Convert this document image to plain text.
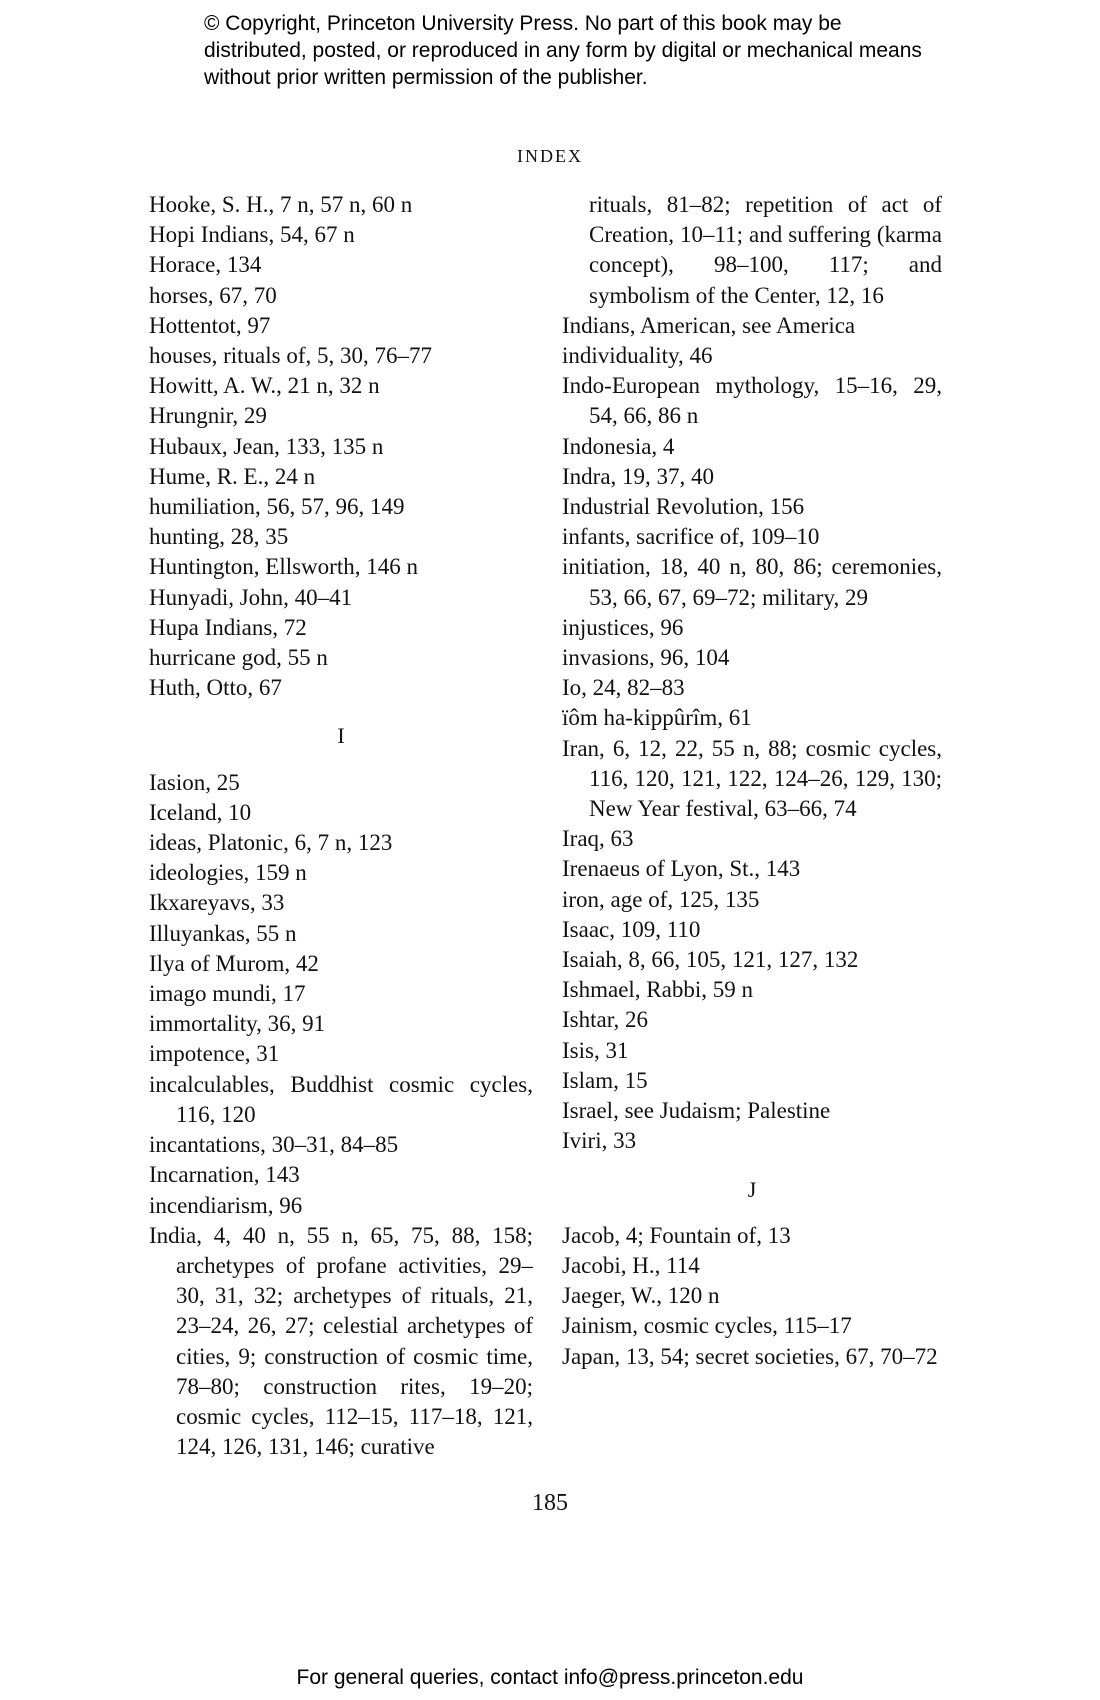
© Copyright, Princeton University Press. No part of this book may be distributed, posted, or reproduced in any form by digital or mechanical means without prior written permission of the publisher.
INDEX
Hooke, S. H., 7 n, 57 n, 60 n
Hopi Indians, 54, 67 n
Horace, 134
horses, 67, 70
Hottentot, 97
houses, rituals of, 5, 30, 76–77
Howitt, A. W., 21 n, 32 n
Hrungnir, 29
Hubaux, Jean, 133, 135 n
Hume, R. E., 24 n
humiliation, 56, 57, 96, 149
hunting, 28, 35
Huntington, Ellsworth, 146 n
Hunyadi, John, 40–41
Hupa Indians, 72
hurricane god, 55 n
Huth, Otto, 67
I
Iasion, 25
Iceland, 10
ideas, Platonic, 6, 7 n, 123
ideologies, 159 n
Ikxareyavs, 33
Illuyankas, 55 n
Ilya of Murom, 42
imago mundi, 17
immortality, 36, 91
impotence, 31
incalculables, Buddhist cosmic cycles, 116, 120
incantations, 30–31, 84–85
Incarnation, 143
incendiarism, 96
India, 4, 40 n, 55 n, 65, 75, 88, 158; archetypes of profane activities, 29–30, 31, 32; archetypes of rituals, 21, 23–24, 26, 27; celestial archetypes of cities, 9; construction of cosmic time, 78–80; construction rites, 19–20; cosmic cycles, 112–15, 117–18, 121, 124, 126, 131, 146; curative
rituals, 81–82; repetition of act of Creation, 10–11; and suffering (karma concept), 98–100, 117; and symbolism of the Center, 12, 16
Indians, American, see America
individuality, 46
Indo-European mythology, 15–16, 29, 54, 66, 86 n
Indonesia, 4
Indra, 19, 37, 40
Industrial Revolution, 156
infants, sacrifice of, 109–10
initiation, 18, 40 n, 80, 86; ceremonies, 53, 66, 67, 69–72; military, 29
injustices, 96
invasions, 96, 104
Io, 24, 82–83
ïôm ha-kippûrîm, 61
Iran, 6, 12, 22, 55 n, 88; cosmic cycles, 116, 120, 121, 122, 124–26, 129, 130; New Year festival, 63–66, 74
Iraq, 63
Irenaeus of Lyon, St., 143
iron, age of, 125, 135
Isaac, 109, 110
Isaiah, 8, 66, 105, 121, 127, 132
Ishmael, Rabbi, 59 n
Ishtar, 26
Isis, 31
Islam, 15
Israel, see Judaism; Palestine
Iviri, 33
J
Jacob, 4; Fountain of, 13
Jacobi, H., 114
Jaeger, W., 120 n
Jainism, cosmic cycles, 115–17
Japan, 13, 54; secret societies, 67, 70–72
185
For general queries, contact info@press.princeton.edu
